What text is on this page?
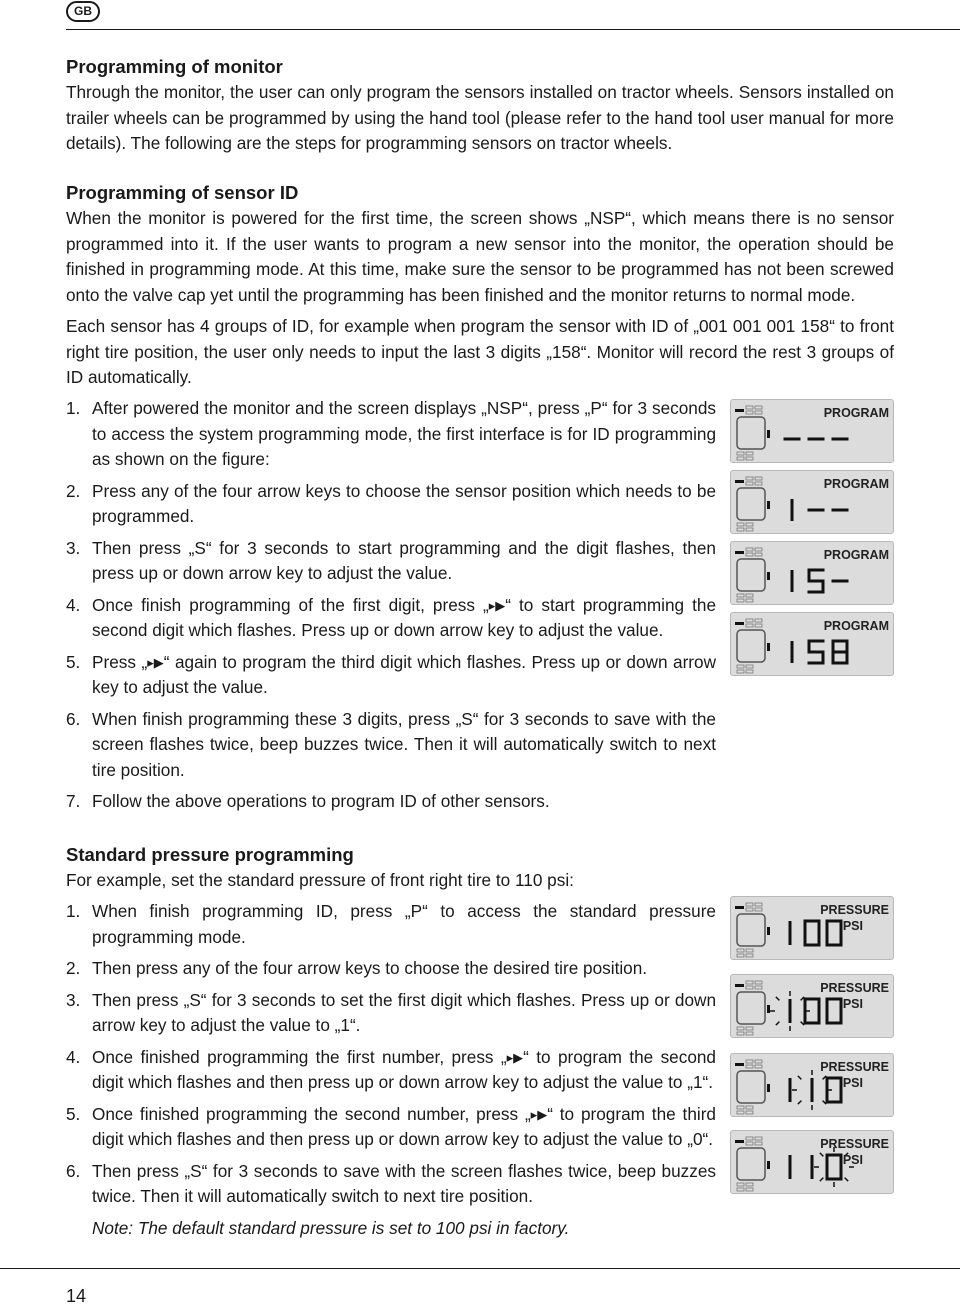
GB
Programming of monitor
Through the monitor, the user can only program the sensors installed on tractor wheels. Sensors installed on trailer wheels can be programmed by using the hand tool (please refer to the hand tool user manual for more details). The following are the steps for programming sensors on tractor wheels.
Programming of sensor ID
When the monitor is powered for the first time, the screen shows „NSP“, which means there is no sensor programmed into it. If the user wants to program a new sensor into the monitor, the operation should be finished in programming mode. At this time, make sure the sensor to be programmed has not been screwed onto the valve cap yet until the programming has been finished and the monitor returns to normal mode.
Each sensor has 4 groups of ID, for example when program the sensor with ID of „001 001 001 158“ to front right tire position, the user only needs to input the last 3 digits „158“. Monitor will record the rest 3 groups of ID automatically.
1. After powered the monitor and the screen displays „NSP“, press „P“ for 3 seconds to access the system programming mode, the first interface is for ID programming as shown on the figure:
2. Press any of the four arrow keys to choose the sensor position which needs to be programmed.
3. Then press „S“ for 3 seconds to start programming and the digit flashes, then press up or down arrow key to adjust the value.
4. Once finish programming of the first digit, press „▸▶“ to start programming the second digit which flashes. Press up or down arrow key to adjust the value.
5. Press „▸▶“ again to program the third digit which flashes. Press up or down arrow key to adjust the value.
6. When finish programming these 3 digits, press „S“ for 3 seconds to save with the screen flashes twice, beep buzzes twice. Then it will automatically switch to next tire position.
7. Follow the above operations to program ID of other sensors.
PROGRAM
PROGRAM
PROGRAM
PROGRAM
Standard pressure programming
For example, set the standard pressure of front right tire to 110 psi:
1. When finish programming ID, press „P“ to access the standard pressure programming mode.
2. Then press any of the four arrow keys to choose the desired tire position.
3. Then press „S“ for 3 seconds to set the first digit which flashes. Press up or down arrow key to adjust the value to „1“.
4. Once finished programming the first number, press „▸▶“ to program the second digit which flashes and then press up or down arrow key to adjust the value to „1“.
5. Once finished programming the second number, press „▸▶“ to program the third digit which flashes and then press up or down arrow key to adjust the value to „0“.
6. Then press „S“ for 3 seconds to save with the screen flashes twice, beep buzzes twice. Then it will automatically switch to next tire position.
Note: The default standard pressure is set to 100 psi in factory.
PRESSURE
PSI
PRESSURE
PSI
PRESSURE
PSI
PRESSURE
PSI
14
